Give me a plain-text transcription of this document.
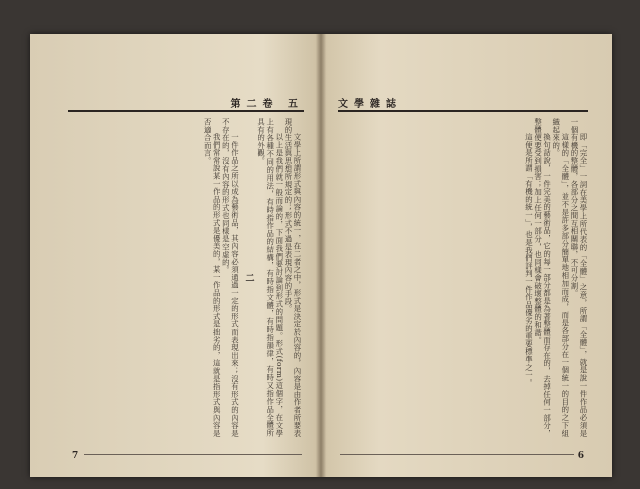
第二卷 五

文學上所謂形式與內容的統一，在二者之中，形式是決定於內容的，內容是由作者所要表現的生活與思想所規定的；形式不過是表現內容的手段。

以上是我們就一般而論的，下面我們要討論到形式的問題。形式(form)這個字，在文學上有各種不同的用法，有時指作品的結構，有時指文體，有時指韻律，有時又指作品全體所具有的外觀。

二

一件作品之所以成為藝術品，其內容必須通過一定的形式而表現出來；沒有形式的內容是不存在的，沒有內容的形式也同樣是空虛的。

我們常常說某一作品的形式是優美的，某一作品的形式是拙劣的，這就是指形式與內容是否適合而言。

7
文學雜誌

即「完全」一詞在美學上所代表的「全體」之意，所謂「全體」，就是說一件作品必須是一個有機的整體，各部分之間互相關聯，不可分割。

這樣的「全體」，並不是許多部分簡單地相加而成，而是各部分在一個統一的目的之下組織起來的。

換句話說，一件完美的藝術品，它的每一部分都是為著整體而存在的，去掉任何一部分，整體便要受到損害；加上任何一部分，也同樣會破壞整體的和諧。

這便是所謂「有機的統一」，也是我們評判一件作品優劣的重要標準之一。

6
